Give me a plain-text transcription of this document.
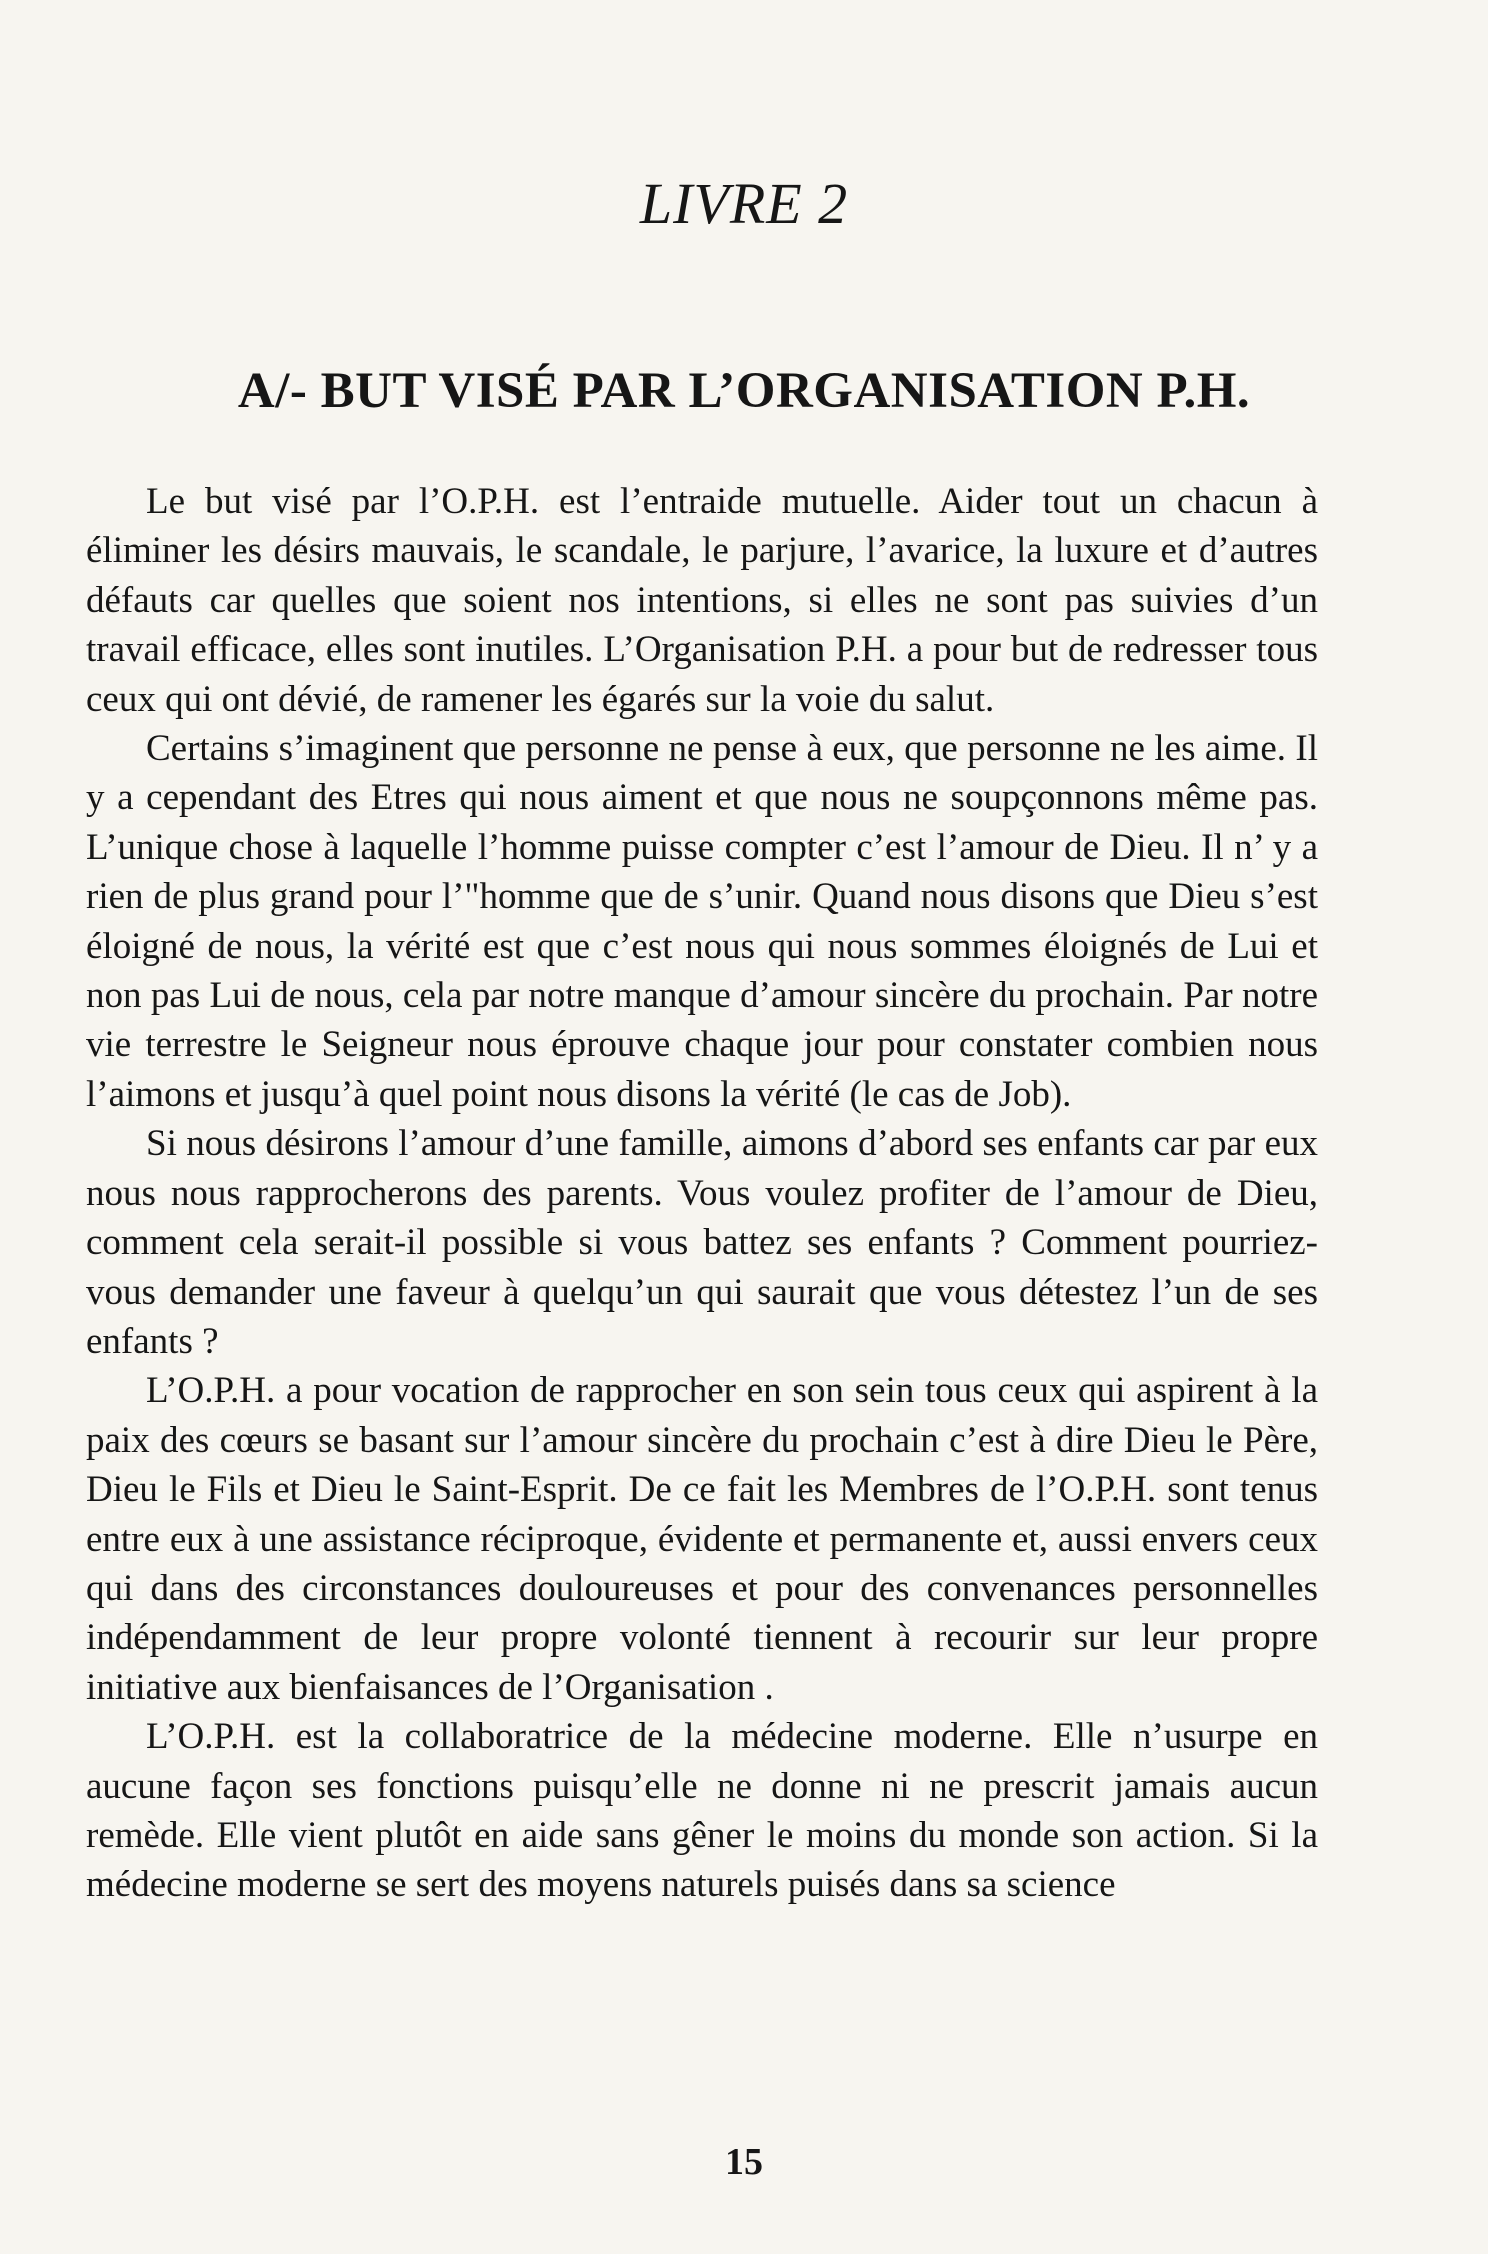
LIVRE 2
A/- BUT VISÉ PAR L’ORGANISATION P.H.

Le but visé par l’O.P.H. est l’entraide mutuelle. Aider tout un chacun à éliminer les désirs mauvais, le scandale, le parjure, l’avarice, la luxure et d’autres défauts car quelles que soient nos intentions, si elles ne sont pas suivies d’un travail efficace, elles sont inutiles. L’Organisation P.H. a pour but de redresser tous ceux qui ont dévié, de ramener les égarés sur la voie du salut.

Certains s’imaginent que personne ne pense à eux, que personne ne les aime. Il y a cependant des Etres qui nous aiment et que nous ne soupçonnons même pas. L’unique chose à laquelle l’homme puisse compter c’est l’amour de Dieu. Il n’ y a rien de plus grand pour l’"homme que de s’unir. Quand nous disons que Dieu s’est éloigné de nous, la vérité est que c’est nous qui nous sommes éloignés de Lui et non pas Lui de nous, cela par notre manque d’amour sincère du prochain. Par notre vie terrestre le Seigneur nous éprouve chaque jour pour constater combien nous l’aimons et jusqu’à quel point nous disons la vérité (le cas de Job).

Si nous désirons l’amour d’une famille, aimons d’abord ses enfants car par eux nous nous rapprocherons des parents. Vous voulez profiter de l’amour de Dieu, comment cela serait-il possible si vous battez ses enfants ? Comment pourriez-vous demander une faveur à quelqu’un qui saurait que vous détestez l’un de ses enfants ?

L’O.P.H. a pour vocation de rapprocher en son sein tous ceux qui aspirent à la paix des cœurs se basant sur l’amour sincère du prochain c’est à dire Dieu le Père, Dieu le Fils et Dieu le Saint-Esprit. De ce fait les Membres de l’O.P.H. sont tenus entre eux à une assistance réciproque, évidente et permanente et, aussi envers ceux qui dans des circonstances douloureuses et pour des convenances personnelles indépendamment de leur propre volonté tiennent à recourir sur leur propre initiative aux bienfaisances de l’Organisation .

L’O.P.H. est la collaboratrice de la médecine moderne. Elle n’usurpe en aucune façon ses fonctions puisqu’elle ne donne ni ne prescrit jamais aucun remède. Elle vient plutôt en aide sans gêner le moins du monde son action. Si la médecine moderne se sert des moyens naturels puisés dans sa science

15
